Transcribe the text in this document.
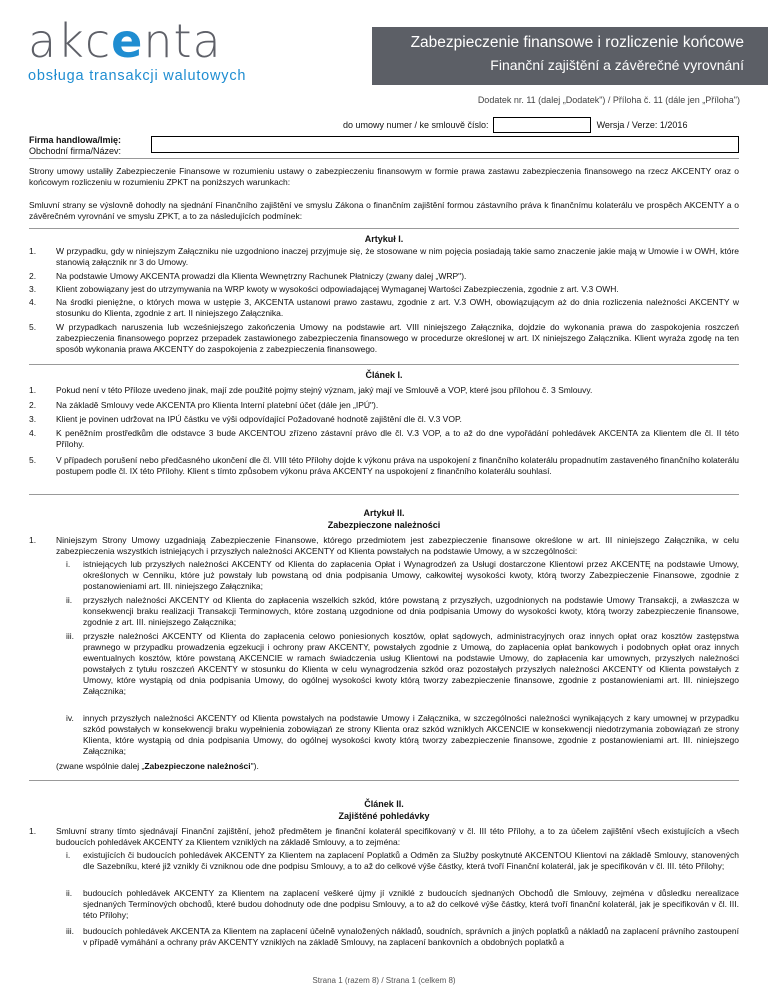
akcenta
obsługa transakcji walutowych
Zabezpieczenie finansowe i rozliczenie końcowe
Finanční zajištění a závěrečné vyrovnání
Dodatek nr. 11 (dalej „Dodatek") / Příloha č. 11 (dále jen „Příloha")
do umowy numer / ke smlouvě číslo:	Wersja / Verze: 1/2016
Firma handlowa/Imię:
Obchodní firma/Název:
Strony umowy ustaliły Zabezpieczenie Finansowe w rozumieniu ustawy o zabezpieczeniu finansowym w formie prawa zastawu zabezpieczenia finansowego na rzecz AKCENTY oraz o końcowym rozliczeniu w rozumieniu ZPKT na poniższych warunkach:
Smluvní strany se výslovně dohodly na sjednání Finančního zajištění ve smyslu Zákona o finančním zajištění formou zástavního práva k finančnímu kolaterálu ve prospěch AKCENTY a o závěrečném vyrovnání ve smyslu ZPKT, a to za následujících podmínek:
Artykuł I.
1. W przypadku, gdy w niniejszym Załączniku nie uzgodniono inaczej przyjmuje się, że stosowane w nim pojęcia posiadają takie samo znaczenie jakie mają w Umowie i w OWH, które stanowią załącznik nr 3 do Umowy.
2. Na podstawie Umowy AKCENTA prowadzi dla Klienta Wewnętrzny Rachunek Płatniczy (zwany dalej „WRP").
3. Klient zobowiązany jest do utrzymywania na WRP kwoty w wysokości odpowiadającej Wymaganej Wartości Zabezpieczenia, zgodnie z art. V.3 OWH.
4. Na środki pieniężne, o których mowa w ustępie 3, AKCENTA ustanowi prawo zastawu, zgodnie z art. V.3 OWH, obowiązującym aż do dnia rozliczenia należności AKCENTY w stosunku do Klienta, zgodnie z art. II niniejszego Załącznika.
5. W przypadkach naruszenia lub wcześniejszego zakończenia Umowy na podstawie art. VIII niniejszego Załącznika, dojdzie do wykonania prawa do zaspokojenia roszczeń zabezpieczenia finansowego poprzez przepadek zastawionego zabezpieczenia finansowego w procedurze określonej w art. IX niniejszego Załącznika. Klient wyraża zgodę na ten sposób wykonania prawa AKCENTY do zaspokojenia z zabezpieczenia finansowego.
Článek I.
1. Pokud není v této Příloze uvedeno jinak, mají zde použité pojmy stejný význam, jaký mají ve Smlouvě a VOP, které jsou přílohou č. 3 Smlouvy.
2. Na základě Smlouvy vede AKCENTA pro Klienta Interní platební účet (dále jen „IPÚ").
3. Klient je povinen udržovat na IPÚ částku ve výši odpovídající Požadované hodnotě zajištění dle čl. V.3 VOP.
4. K peněžním prostředkům dle odstavce 3 bude AKCENTOU zřízeno zástavní právo dle čl. V.3 VOP, a to až do dne vypořádání pohledávek AKCENTA za Klientem dle čl. II této Přílohy.
5. V případech porušení nebo předčasného ukončení dle čl. VIII této Přílohy dojde k výkonu práva na uspokojení z finančního kolaterálu propadnutím zastaveného finančního kolaterálu postupem podle čl. IX této Přílohy. Klient s tímto způsobem výkonu práva AKCENTY na uspokojení z finančního kolaterálu souhlasí.
Artykuł II.
Zabezpieczone należności
1. Niniejszym Strony Umowy uzgadniają Zabezpieczenie Finansowe, którego przedmiotem jest zabezpieczenie finansowe określone w art. III niniejszego Załącznika, w celu zabezpieczenia wszystkich istniejących i przyszłych należności AKCENTY od Klienta powstałych na podstawie Umowy, a w szczególności:
i. istniejących lub przyszłych należności AKCENTY od Klienta do zapłacenia Opłat i Wynagrodzeń za Usługi dostarczone Klientowi przez AKCENTĘ na podstawie Umowy, określonych w Cenniku, które już powstały lub powstaną od dnia podpisania Umowy, całkowitej wysokości kwoty, którą tworzy Zabezpieczenie Finansowe, zgodnie z postanowieniami art. III. niniejszego Załącznika;
ii. przyszłych należności AKCENTY od Klienta do zapłacenia wszelkich szkód, które powstaną z przyszłych, uzgodnionych na podstawie Umowy Transakcji, a zwłaszcza w konsekwencji braku realizacji Transakcji Terminowych, które zostaną uzgodnione od dnia podpisania Umowy do wysokości kwoty, którą tworzy zabezpieczenie finansowe, zgodnie z art. III. niniejszego Załącznika;
iii. przyszłe należności AKCENTY od Klienta do zapłacenia celowo poniesionych kosztów, opłat sądowych, administracyjnych oraz innych opłat oraz kosztów zastępstwa prawnego w przypadku prowadzenia egzekucji i ochrony praw AKCENTY, powstałych zgodnie z Umową, do zapłacenia opłat bankowych i podobnych opłat oraz innych ewentualnych kosztów, które powstaną AKCENCIE w ramach świadczenia usług Klientowi na podstawie Umowy, do zapłacenia kar umownych, przyszłych należności powstałych z tytułu roszczeń AKCENTY w stosunku do Klienta w celu wynagrodzenia szkód oraz pozostałych przyszłych należności AKCENTY od Klienta powstałych z Umowy, które wystąpią od dnia podpisania Umowy, do ogólnej wysokości kwoty którą tworzy zabezpieczenie finansowe, zgodnie z postanowieniami art. III. niniejszego Załącznika;
iv. innych przyszłych należności AKCENTY od Klienta powstałych na podstawie Umowy i Załącznika, w szczególności należności wynikających z kary umownej w przypadku szkód powstałych w konsekwencji braku wypełnienia zobowiązań ze strony Klienta oraz szkód wzniklych AKCENCIE w konsekwencji niedotrzymania zobowiązań ze strony Klienta, które wystąpią od dnia podpisania Umowy, do ogólnej wysokości kwoty którą tworzy zabezpieczenie finansowe, zgodnie z postanowieniami art. III. niniejszego Załącznika;
(zwane wspólnie dalej „Zabezpieczone należności").
Článek II.
Zajištěné pohledávky
1. Smluvní strany tímto sjednávají Finanční zajištění, jehož předmětem je finanční kolaterál specifikovaný v čl. III této Přílohy, a to za účelem zajištění všech existujících a všech budoucích pohledávek AKCENTY za Klientem vzniklých na základě Smlouvy, a to zejména:
i. existujících či budoucích pohledávek AKCENTY za Klientem na zaplacení Poplatků a Odměn za Služby poskytnuté AKCENTOU Klientovi na základě Smlouvy, stanovených dle Sazebníku, které již vznikly či vzniknou ode dne podpisu Smlouvy, a to až do celkové výše částky, která tvoří Finanční kolaterál, jak je specifikován v čl. III. této Přílohy;
ii. budoucích pohledávek AKCENTY za Klientem na zaplacení veškeré újmy jí vzniklé z budoucích sjednaných Obchodů dle Smlouvy, zejména v důsledku nerealizace sjednaných Termínových obchodů, které budou dohodnuty ode dne podpisu Smlouvy, a to až do celkové výše částky, která tvoří finanční kolaterál, jak je specifikován v čl. III. této Přílohy;
iii. budoucích pohledávek AKCENTA za Klientem na zaplacení účelně vynaložených nákladů, soudních, správních a jiných poplatků a nákladů na zaplacení právního zastoupení v případě vymáhání a ochrany práv AKCENTY vzniklých na základě Smlouvy, na zaplacení bankovních a obdobných poplatků a
Strana 1 (razem 8) / Strana 1 (celkem 8)
